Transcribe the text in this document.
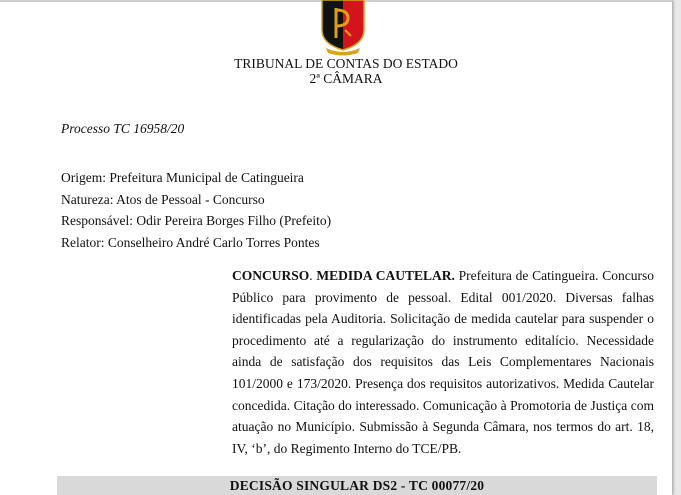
TRIBUNAL DE CONTAS DO ESTADO
2ª CÂMARA
Processo TC 16958/20
Origem: Prefeitura Municipal de Catingueira
Natureza: Atos de Pessoal - Concurso
Responsável: Odir Pereira Borges Filho (Prefeito)
Relator: Conselheiro André Carlo Torres Pontes
CONCURSO. MEDIDA CAUTELAR. Prefeitura de Catingueira. Concurso Público para provimento de pessoal. Edital 001/2020. Diversas falhas identificadas pela Auditoria. Solicitação de medida cautelar para suspender o procedimento até a regularização do instrumento editalício. Necessidade ainda de satisfação dos requisitos das Leis Complementares Nacionais 101/2000 e 173/2020. Presença dos requisitos autorizativos. Medida Cautelar concedida. Citação do interessado. Comunicação à Promotoria de Justiça com atuação no Município. Submissão à Segunda Câmara, nos termos do art. 18, IV, ‘b’, do Regimento Interno do TCE/PB.
DECISÃO SINGULAR DS2 - TC 00077/20
